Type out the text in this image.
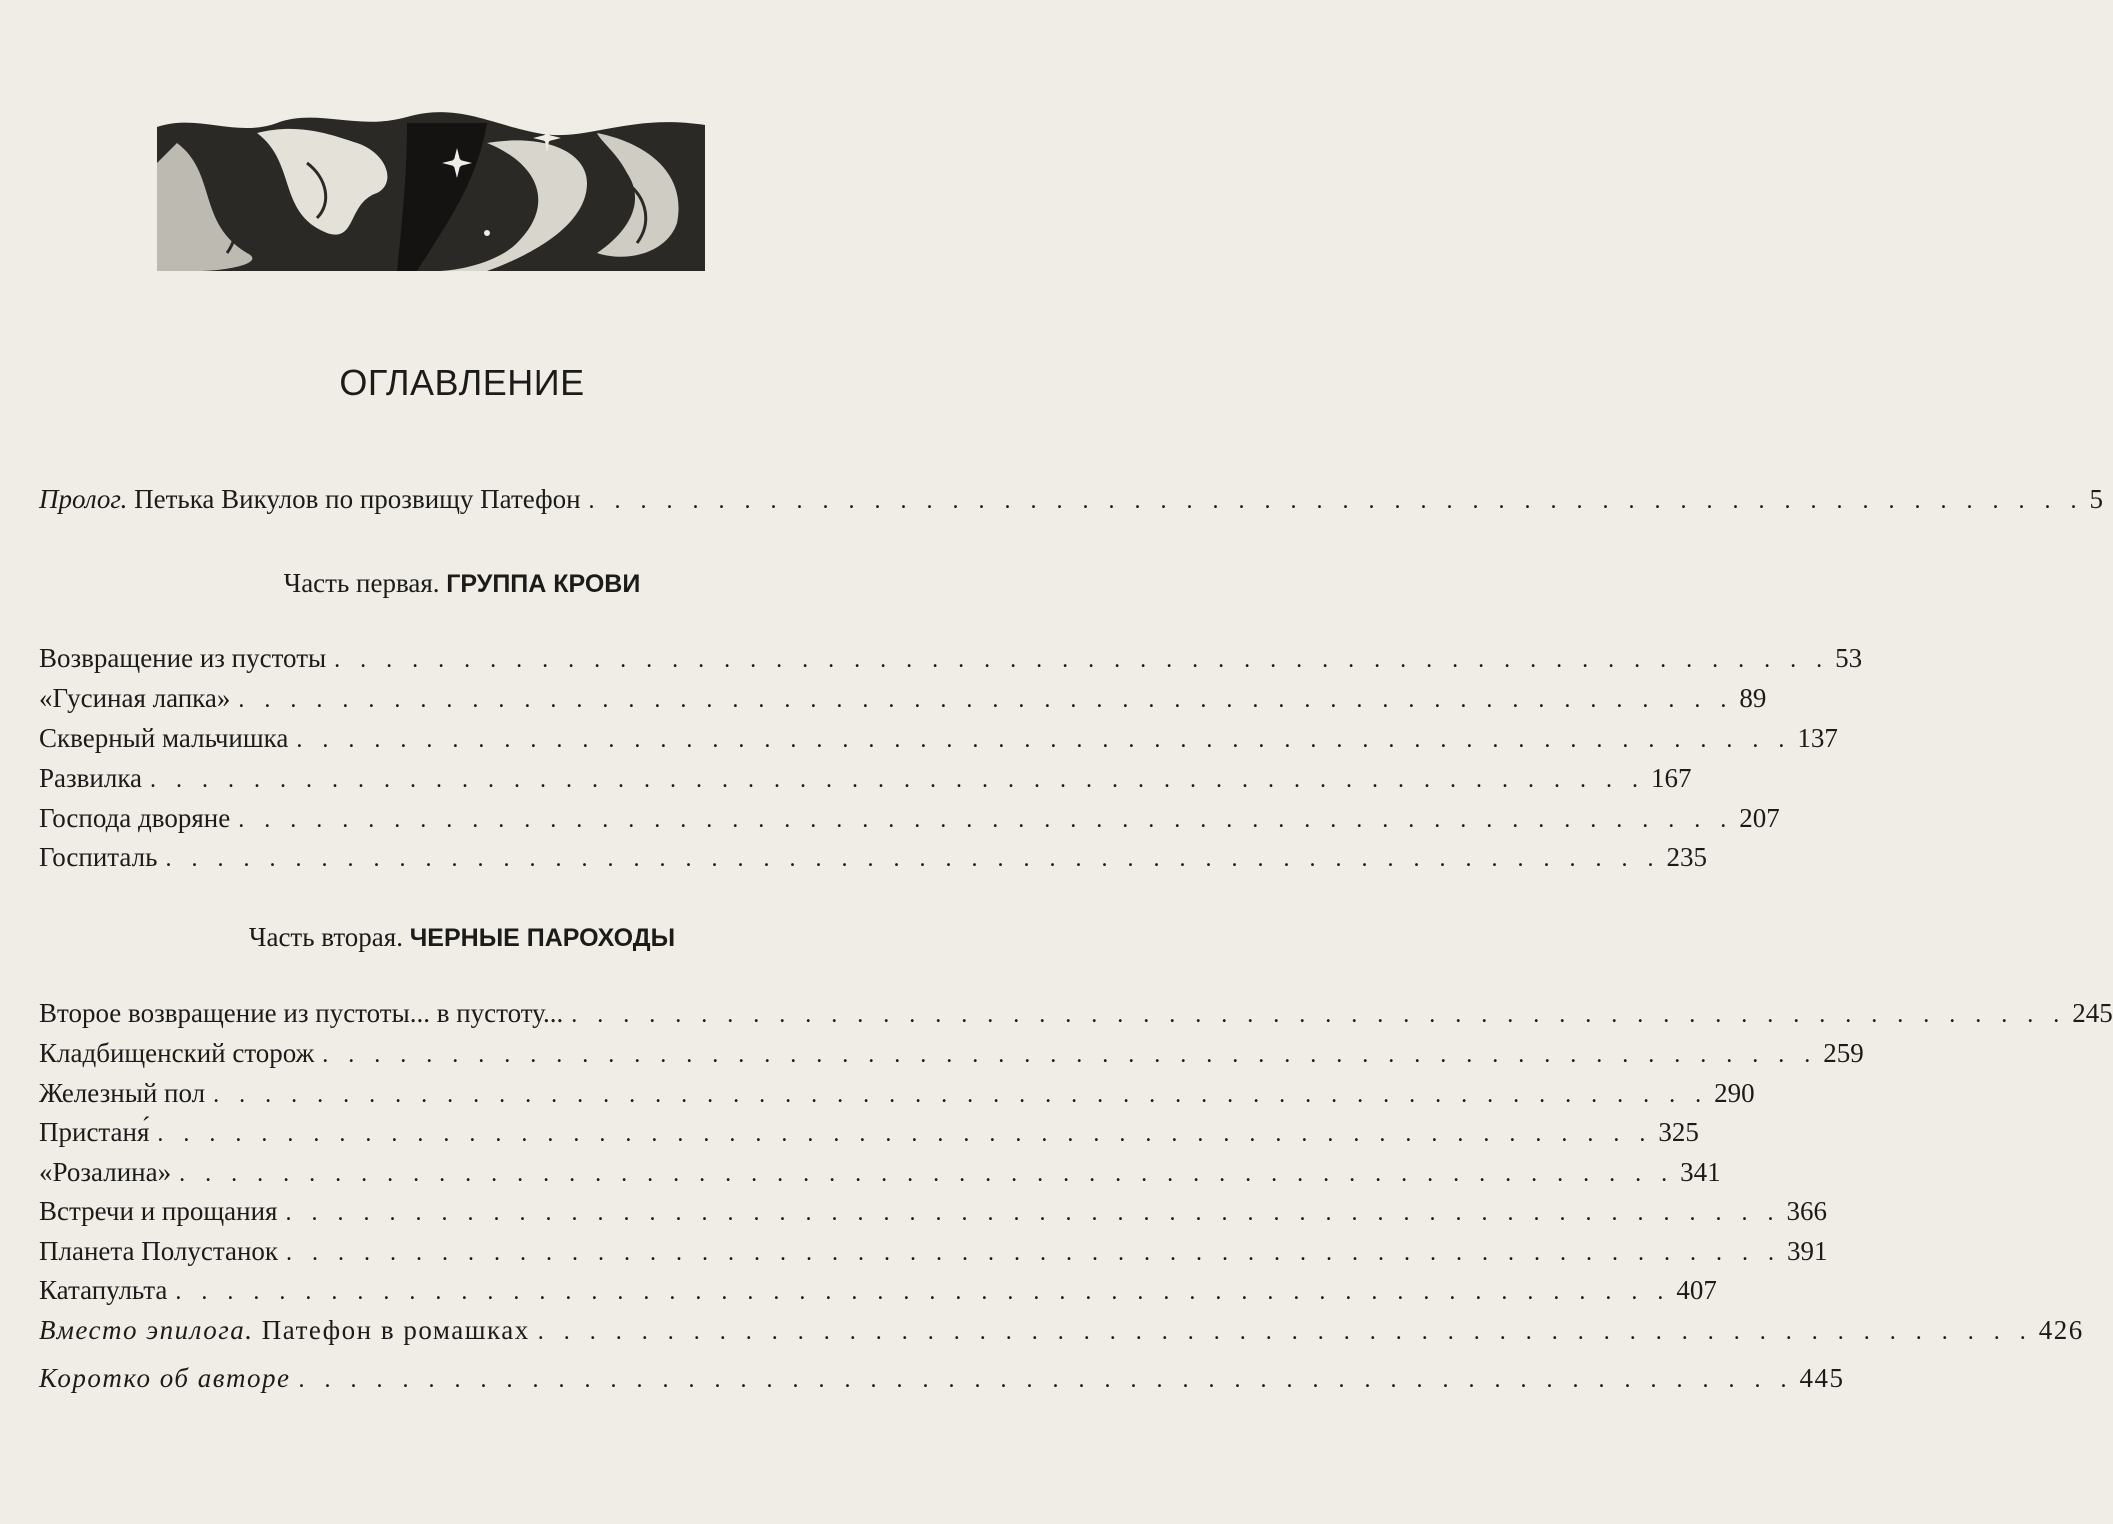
ОГЛАВЛЕНИЕ
Пролог. Петька Викулов по прозвищу Патефон . . . . . . . . . . . . . . . . . . . . . . . . . . . . . . . . . . . . . . . . . . . . . . . . . . . . . . . . . . 5
Часть первая. ГРУППА КРОВИ
Возвращение из пустоты . . . . . . . . . . . . . . . . . . . . . . . . . . . . . . . . . . . . . . . . . . . . . . . . . . . . . . . . . . 53
«Гусиная лапка» . . . . . . . . . . . . . . . . . . . . . . . . . . . . . . . . . . . . . . . . . . . . . . . . . . . . . . . . . . 89
Скверный мальчишка . . . . . . . . . . . . . . . . . . . . . . . . . . . . . . . . . . . . . . . . . . . . . . . . . . . . . . . . . . 137
Развилка . . . . . . . . . . . . . . . . . . . . . . . . . . . . . . . . . . . . . . . . . . . . . . . . . . . . . . . . . . 167
Господа дворяне . . . . . . . . . . . . . . . . . . . . . . . . . . . . . . . . . . . . . . . . . . . . . . . . . . . . . . . . . . 207
Госпиталь . . . . . . . . . . . . . . . . . . . . . . . . . . . . . . . . . . . . . . . . . . . . . . . . . . . . . . . . . . 235
Часть вторая. ЧЕРНЫЕ ПАРОХОДЫ
Второе возвращение из пустоты... в пустоту... . . . . . . . . . . . . . . . . . . . . . . . . . . . . . . . . . . . . . . . . . . . . . . . . . . . . . . . . . . 245
Кладбищенский сторож . . . . . . . . . . . . . . . . . . . . . . . . . . . . . . . . . . . . . . . . . . . . . . . . . . . . . . . . . . 259
Железный пол . . . . . . . . . . . . . . . . . . . . . . . . . . . . . . . . . . . . . . . . . . . . . . . . . . . . . . . . . . 290
Пристаня́ . . . . . . . . . . . . . . . . . . . . . . . . . . . . . . . . . . . . . . . . . . . . . . . . . . . . . . . . . . 325
«Розалина» . . . . . . . . . . . . . . . . . . . . . . . . . . . . . . . . . . . . . . . . . . . . . . . . . . . . . . . . . . 341
Встречи и прощания . . . . . . . . . . . . . . . . . . . . . . . . . . . . . . . . . . . . . . . . . . . . . . . . . . . . . . . . . . 366
Планета Полустанок . . . . . . . . . . . . . . . . . . . . . . . . . . . . . . . . . . . . . . . . . . . . . . . . . . . . . . . . . . 391
Катапульта . . . . . . . . . . . . . . . . . . . . . . . . . . . . . . . . . . . . . . . . . . . . . . . . . . . . . . . . . . 407
Вместо эпилога. Патефон в ромашках . . . . . . . . . . . . . . . . . . . . . . . . . . . . . . . . . . . . . . . . . . . . . . . . . . . . . . . . . . 426
Коротко об авторе . . . . . . . . . . . . . . . . . . . . . . . . . . . . . . . . . . . . . . . . . . . . . . . . . . . . . . . . . . 445
